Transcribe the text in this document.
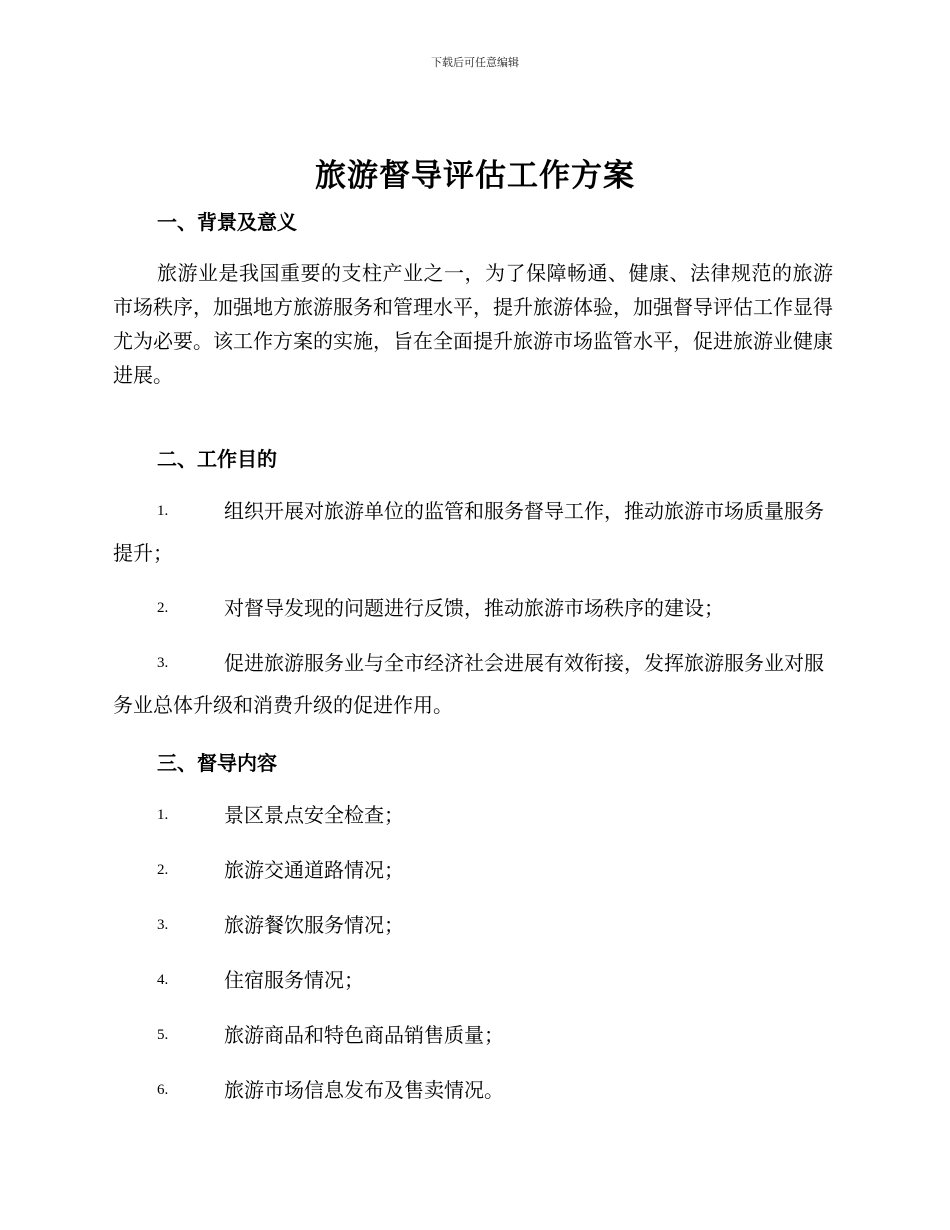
下载后可任意编辑
旅游督导评估工作方案
一、背景及意义
旅游业是我国重要的支柱产业之一，为了保障畅通、健康、法律规范的旅游市场秩序，加强地方旅游服务和管理水平，提升旅游体验，加强督导评估工作显得尤为必要。该工作方案的实施，旨在全面提升旅游市场监管水平，促进旅游业健康进展。
二、工作目的
1.	组织开展对旅游单位的监管和服务督导工作，推动旅游市场质量服务提升；
2.	对督导发现的问题进行反馈，推动旅游市场秩序的建设；
3.	促进旅游服务业与全市经济社会进展有效衔接，发挥旅游服务业对服务业总体升级和消费升级的促进作用。
三、督导内容
1.	景区景点安全检查；
2.	旅游交通道路情况；
3.	旅游餐饮服务情况；
4.	住宿服务情况；
5.	旅游商品和特色商品销售质量；
6.	旅游市场信息发布及售卖情况。
